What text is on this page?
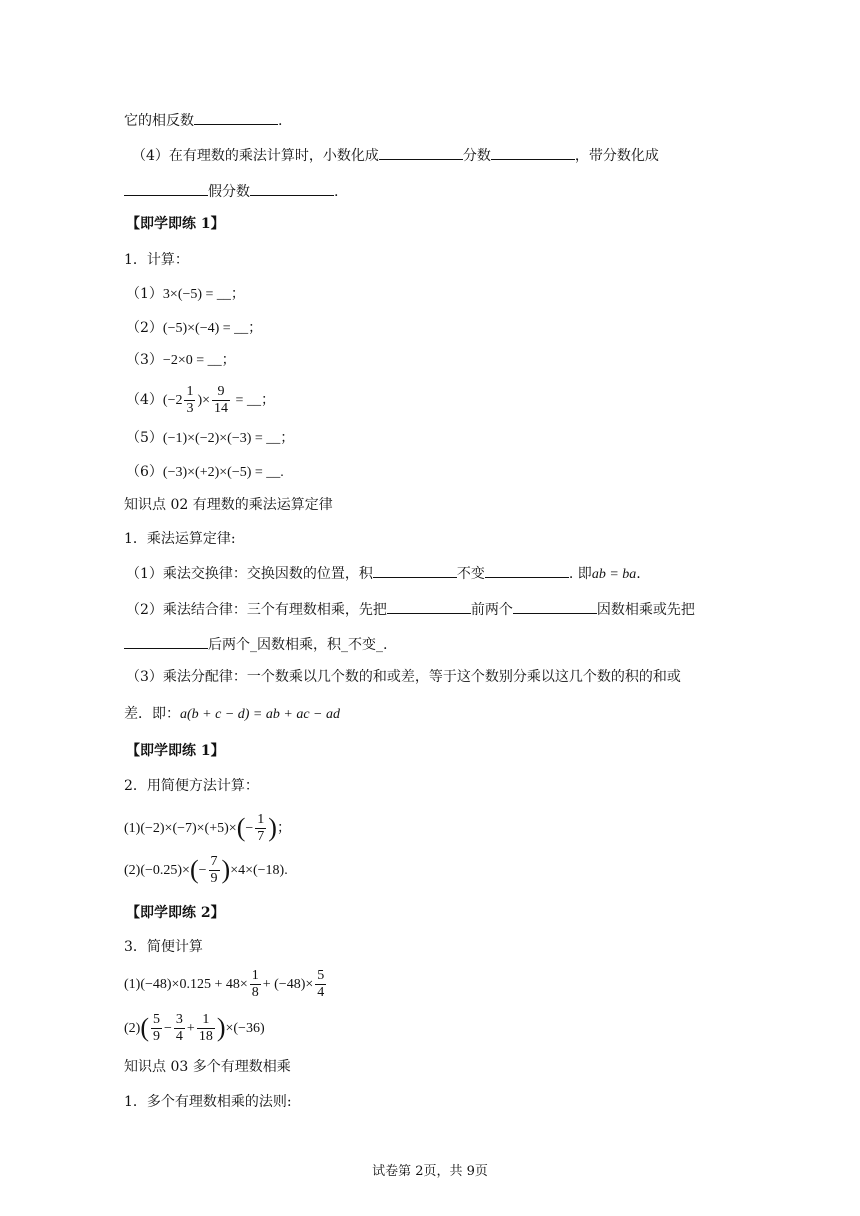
它的相反数	.
（4）在有理数的乘法计算时，小数化成	分数	，带分数化成
假分数	.
【即学即练 1】
1．计算：
（1）3×(−5) = __；
（2）(−5)×(−4) = __；
（3）−2×0 = __；
$(4)(-2 \frac{1}{3}$ )× $\frac{9}{14}$ = __；
（5）(−1)×(−2)×(−3) = __；
（6）(−3)×(+2)×(−5) = __.
知识点 02 有理数的乘法运算定律
1．乘法运算定律:
（1）乘法交换律：交换因数的位置，积	不变	. 即ab = ba.
（2）乘法结合律：三个有理数相乘，先把	前两个	因数相乘或先把
后两个_因数相乘，积_不变_.
（3）乘法分配律：一个数乘以几个数的和或差，等于这个数别分乘以这几个数的积的和或
差．即：a(b + c − d) = ab + ac − ad
【即学即练 1】
2．用简便方法计算：
$(1)(-2)\times(-7)\times(+5)\times(- \frac{1}{7}$ )；
$(2)(-0.25)\times(- \frac{7}{9} )\times 4\times(-18)$.
【即学即练 2】
3．简便计算
$(1)(-48)\times 0.125 + 48\times \frac{1}{8} + (-48)\times \frac{5}{4}$
$(2)( \frac{5}{9} - \frac{3}{4} + \frac{1}{18} )\times(-36)$
知识点 03 多个有理数相乘
1．多个有理数相乘的法则:
试卷第 2页，共 9页
